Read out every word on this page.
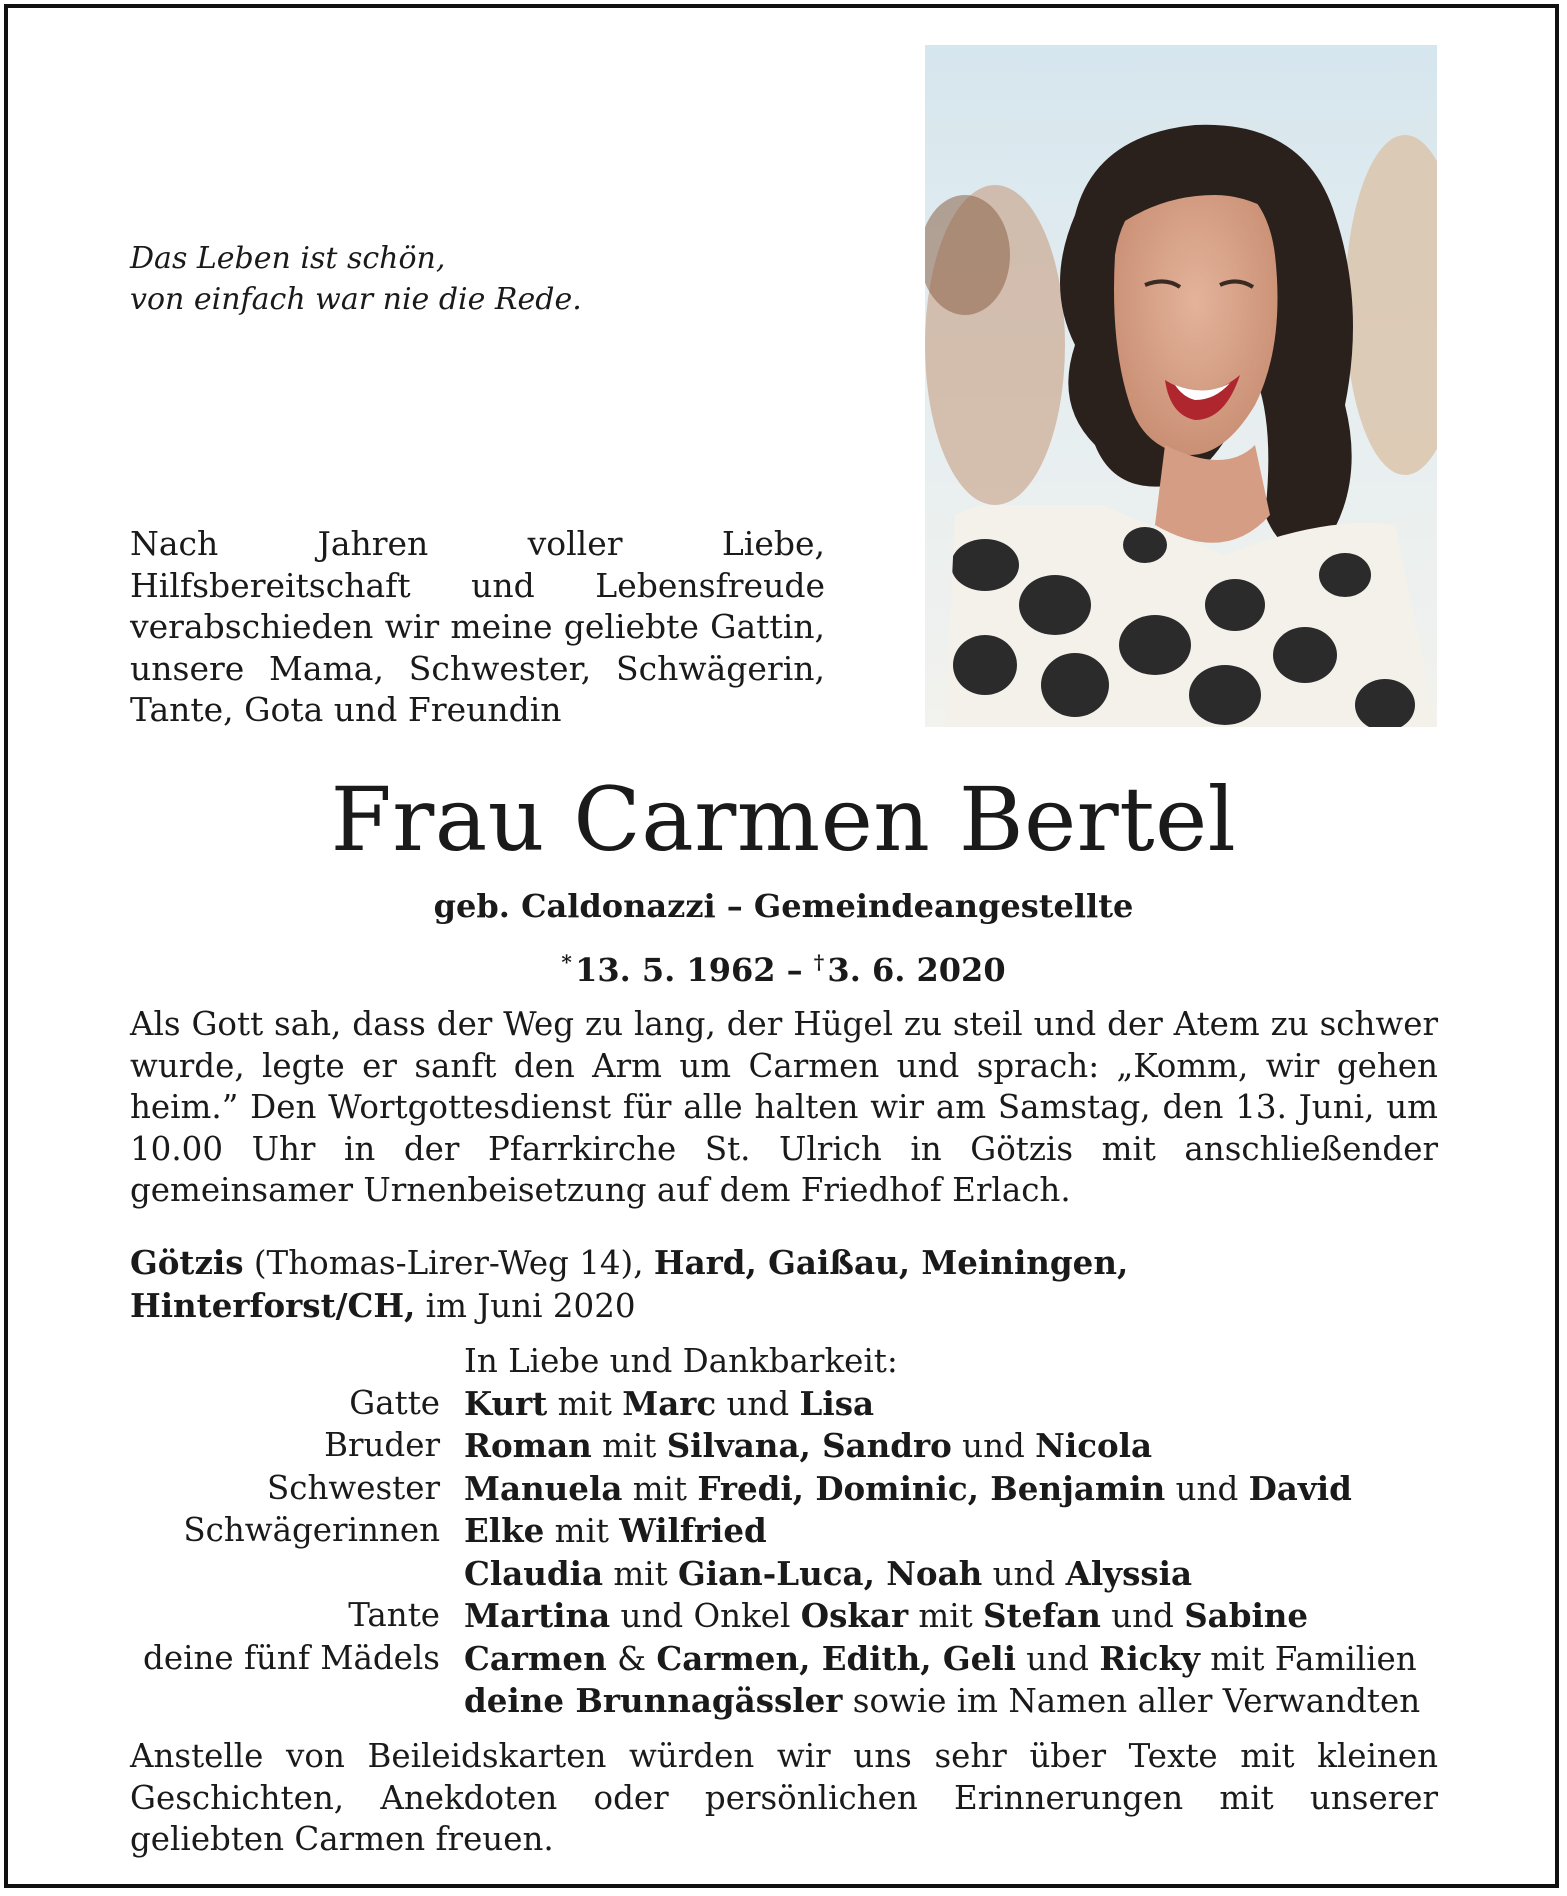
Das Leben ist schön,
von einfach war nie die Rede.
Nach Jahren voller Liebe, Hilfsbereitschaft und Lebensfreude verabschieden wir meine geliebte Gattin, unsere Mama, Schwester, Schwägerin, Tante, Gota und Freundin
Frau Carmen Bertel
geb. Caldonazzi – Gemeindeangestellte
* 13. 5. 1962 – † 3. 6. 2020
Als Gott sah, dass der Weg zu lang, der Hügel zu steil und der Atem zu schwer wurde, legte er sanft den Arm um Carmen und sprach: „Komm, wir gehen heim.” Den Wortgottesdienst für alle halten wir am Samstag, den 13. Juni, um 10.00 Uhr in der Pfarrkirche St. Ulrich in Götzis mit anschließender gemeinsamer Urnenbeisetzung auf dem Friedhof Erlach.
Götzis (Thomas-Lirer-Weg 14), Hard, Gaißau, Meiningen,
Hinterforst/CH, im Juni 2020
In Liebe und Dankbarkeit:
Gatte Kurt mit Marc und Lisa
Bruder Roman mit Silvana, Sandro und Nicola
Schwester Manuela mit Fredi, Dominic, Benjamin und David
Schwägerinnen Elke mit Wilfried
Claudia mit Gian-Luca, Noah und Alyssia
Tante Martina und Onkel Oskar mit Stefan und Sabine
deine fünf Mädels Carmen & Carmen, Edith, Geli und Ricky mit Familien
deine Brunnagässler sowie im Namen aller Verwandten
Anstelle von Beileidskarten würden wir uns sehr über Texte mit kleinen Geschichten, Anekdoten oder persönlichen Erinnerungen mit unserer geliebten Carmen freuen.
